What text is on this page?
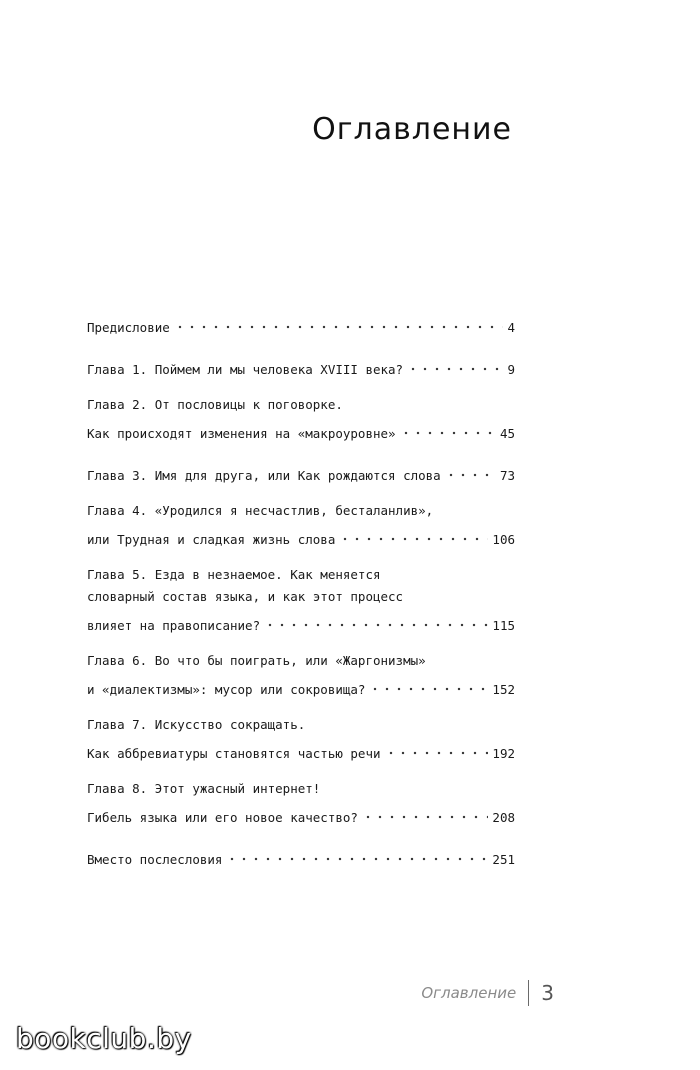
Оглавление
Предисловие	4
Глава 1. Поймем ли мы человека XVIII века?	9
Глава 2. От пословицы к поговорке.
Как происходят изменения на «макроуровне»	45
Глава 3. Имя для друга, или Как рождаются слова	73
Глава 4. «Уродился я несчастлив, бесталанлив»,
или Трудная и сладкая жизнь слова	106
Глава 5. Езда в незнаемое. Как меняется
словарный состав языка, и как этот процесс
влияет на правописание?	115
Глава 6. Во что бы поиграть, или «Жаргонизмы»
и «диалектизмы»: мусор или сокровища?	152
Глава 7. Искусство сокращать.
Как аббревиатуры становятся частью речи	192
Глава 8. Этот ужасный интернет!
Гибель языка или его новое качество?	208
Вместо послесловия	251
Оглавление 3
bookclub.by
